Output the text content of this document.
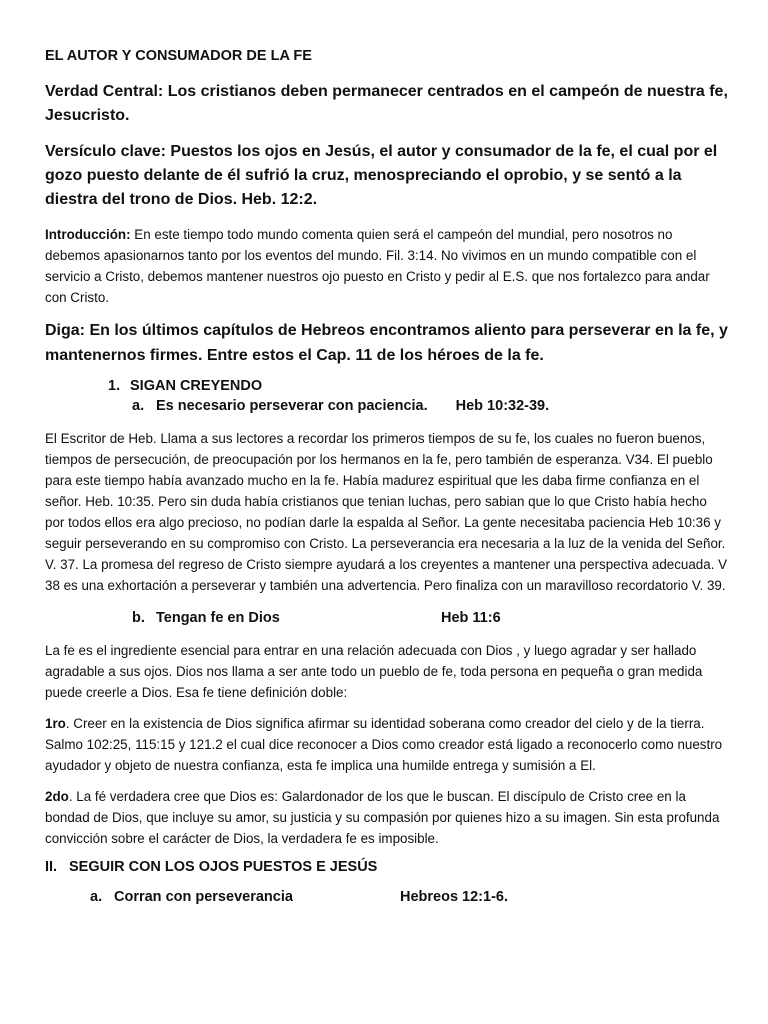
EL AUTOR Y CONSUMADOR DE LA FE
Verdad Central: Los cristianos deben permanecer centrados en el campeón de nuestra fe, Jesucristo.
Versículo clave: Puestos los ojos en Jesús, el autor y consumador de la fe, el cual por el gozo puesto delante de él sufrió la cruz, menospreciando el oprobio, y se sentó a la diestra del trono de Dios. Heb. 12:2.
Introducción: En este tiempo todo mundo comenta quien será el campeón del mundial, pero nosotros no debemos apasionarnos tanto por los eventos del mundo. Fil. 3:14. No vivimos en un mundo compatible con el servicio a Cristo, debemos mantener nuestros ojo puesto en Cristo y pedir al E.S. que nos fortalezco para andar con Cristo.
Diga: En los últimos capítulos de Hebreos encontramos aliento para perseverar en la fe, y mantenernos firmes. Entre estos el Cap. 11 de los héroes de la fe.
1. SIGAN CREYENDO
a. Es necesario perseverar con paciencia. Heb 10:32-39.
El Escritor de Heb. Llama a sus lectores a recordar los primeros tiempos de su fe, los cuales no fueron buenos, tiempos de persecución, de preocupación por los hermanos en la fe, pero también de esperanza. V34. El pueblo para este tiempo había avanzado mucho en la fe. Había madurez espiritual que les daba firme confianza en el señor. Heb. 10:35. Pero sin duda había cristianos que tenian luchas, pero sabian que lo que Cristo había hecho por todos ellos era algo precioso, no podían darle la espalda al Señor. La gente necesitaba paciencia Heb 10:36 y seguir perseverando en su compromiso con Cristo. La perseverancia era necesaria a la luz de la venida del Señor. V. 37. La promesa del regreso de Cristo siempre ayudará a los creyentes a mantener una perspectiva adecuada. V 38 es una exhortación a perseverar y también una advertencia. Pero finaliza con un maravilloso recordatorio V. 39.
b. Tengan fe en Dios	Heb 11:6
La fe es el ingrediente esencial para entrar en una relación adecuada con Dios , y luego agradar y ser hallado agradable a sus ojos. Dios nos llama a ser ante todo un pueblo de fe, toda persona en pequeña o gran medida puede creerle a Dios. Esa fe tiene definición doble:
1ro. Creer en la existencia de Dios significa afirmar su identidad soberana como creador del cielo y de la tierra. Salmo 102:25, 115:15 y 121.2 el cual dice reconocer a Dios como creador está ligado a reconocerlo como nuestro ayudador y objeto de nuestra confianza, esta fe implica una humilde entrega y sumisión a El.
2do. La fé verdadera cree que Dios es: Galardonador de los que le buscan. El discípulo de Cristo cree en la bondad de Dios, que incluye su amor, su justicia y su compasión por quienes hizo a su imagen. Sin esta profunda convicción sobre el carácter de Dios, la verdadera fe es imposible.
II. SEGUIR CON LOS OJOS PUESTOS E JESÚS
a. Corran con perseverancia	Hebreos 12:1-6.
